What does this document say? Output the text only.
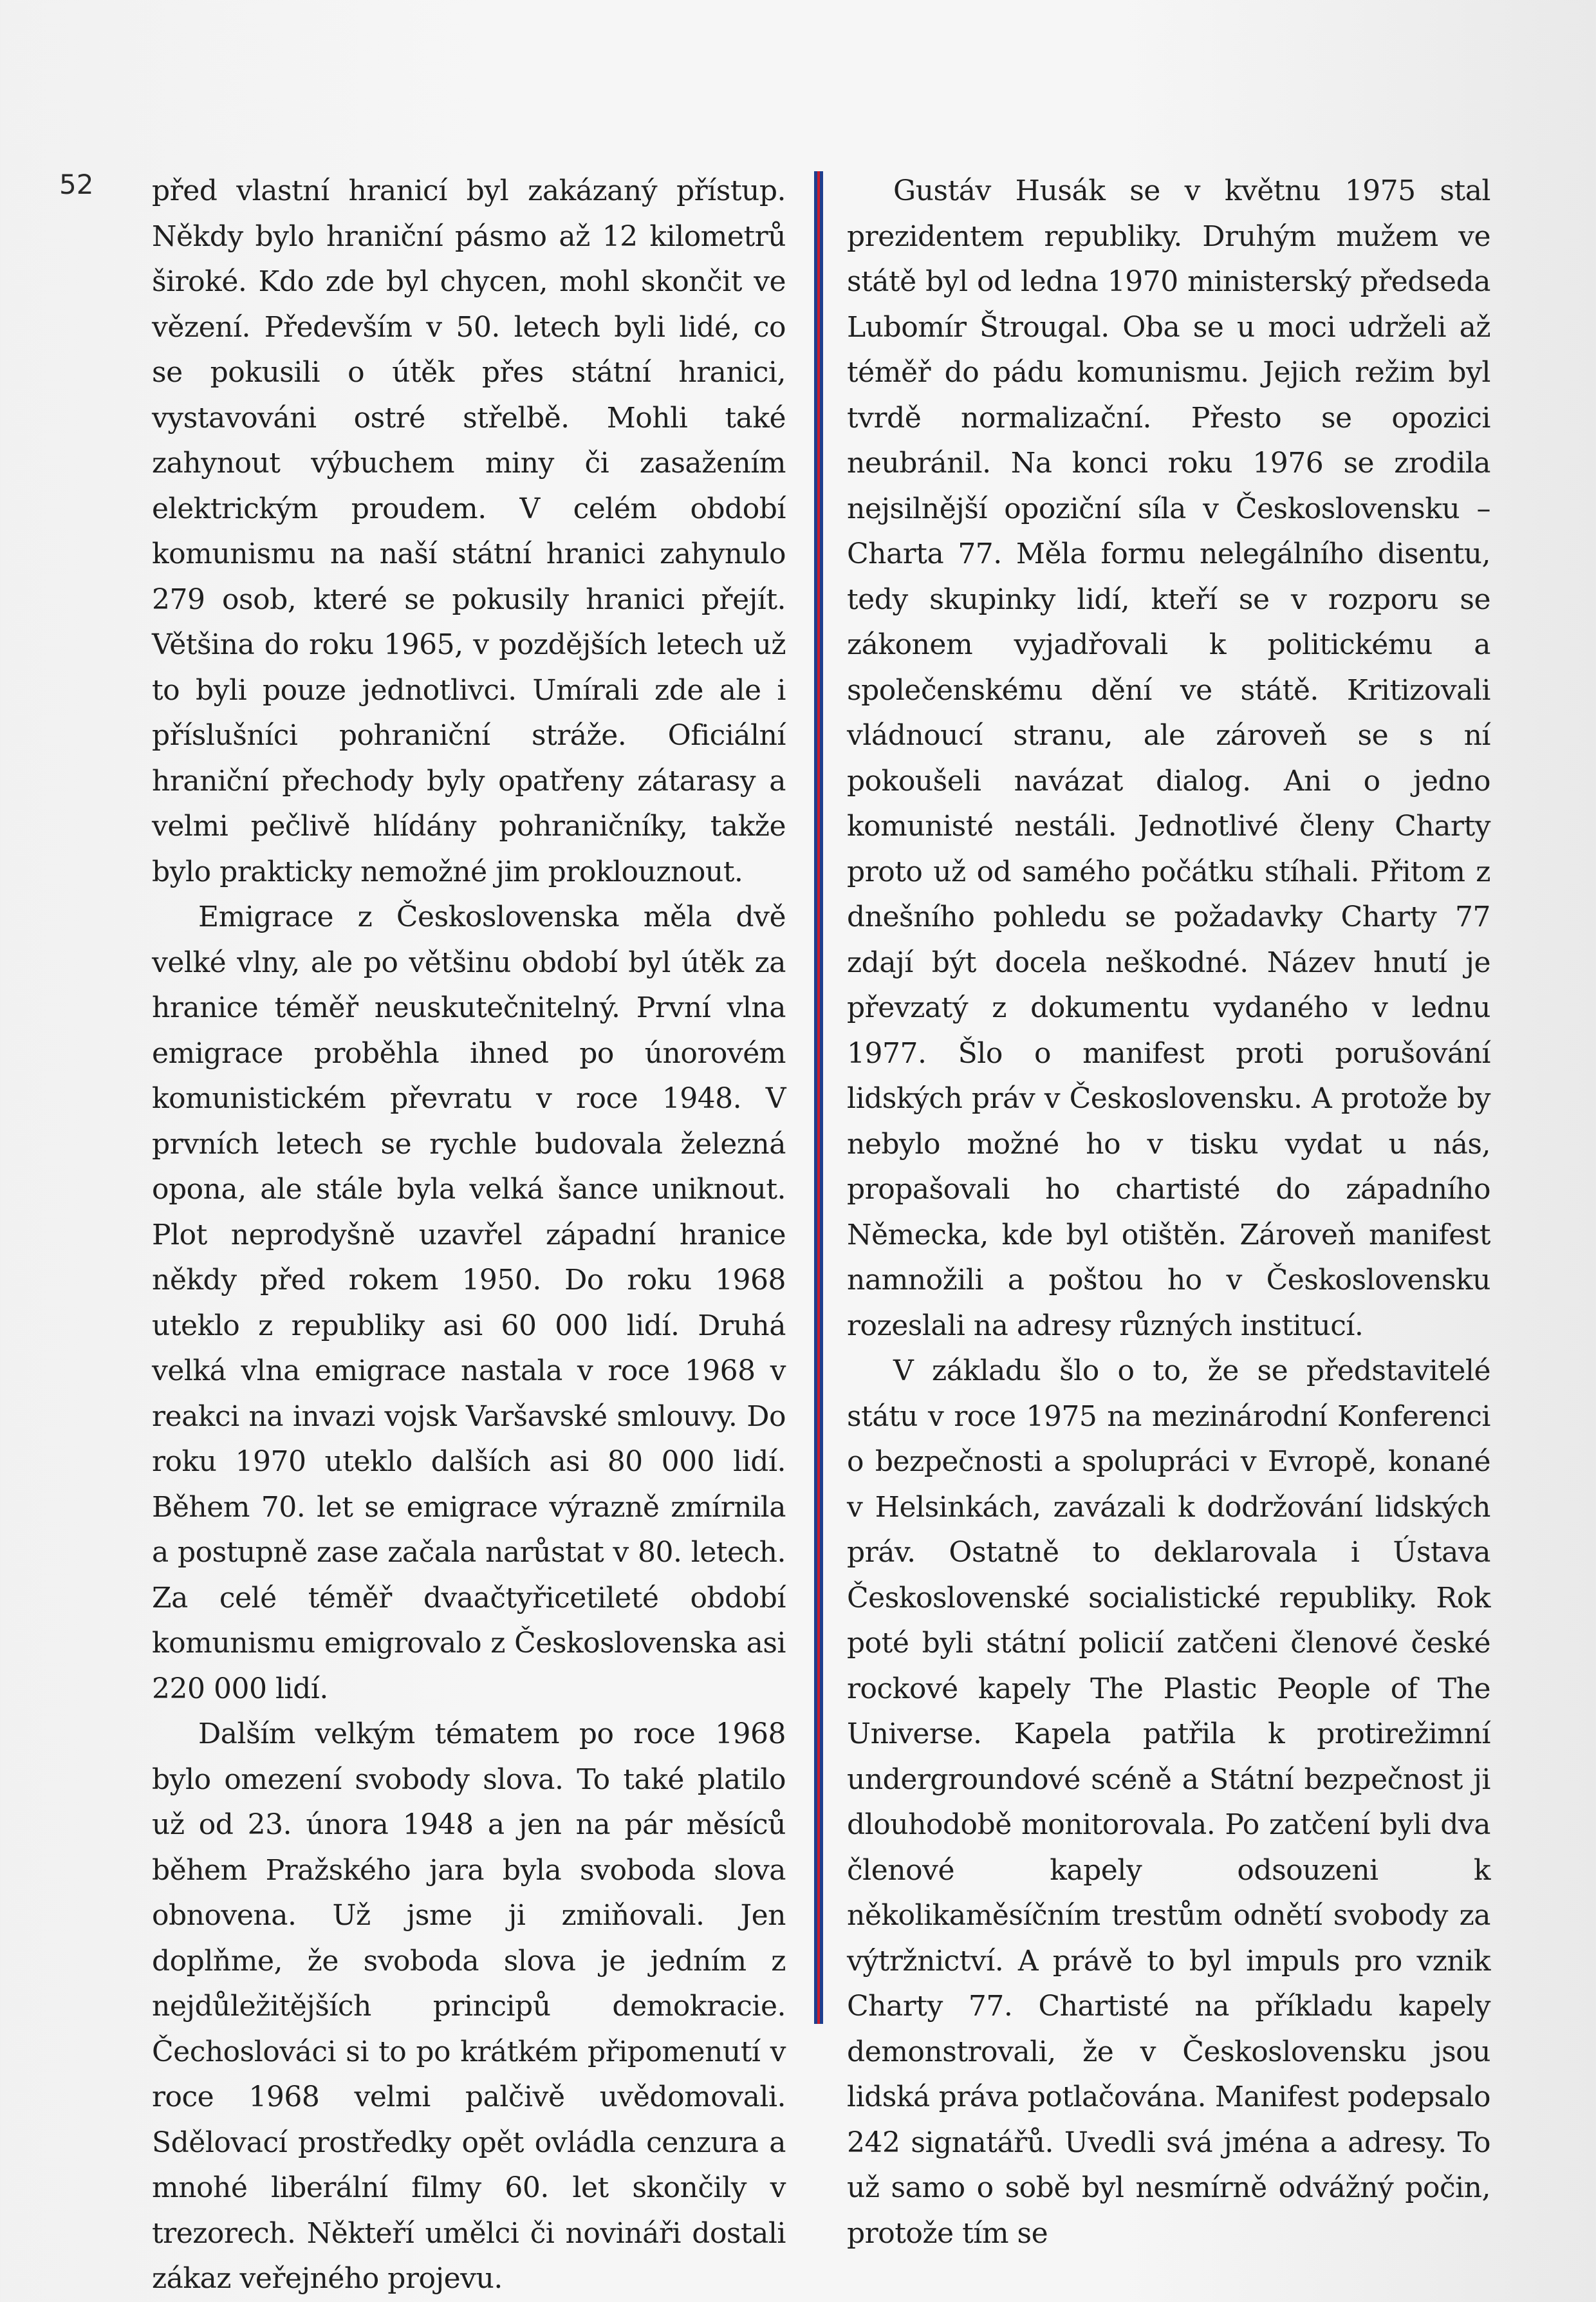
52 před vlastní hranicí byl zakázaný přístup. Někdy bylo hraniční pásmo až 12 kilometrů široké. Kdo zde byl chycen, mohl skončit ve vězení. Především v 50. letech byli lidé, co se pokusili o útěk přes státní hranici, vystavováni ostré střelbě. Mohli také zahynout výbuchem miny či zasažením elektrickým proudem. V celém období komunismu na naší státní hranici zahynulo 279 osob, které se pokusily hranici přejít. Většina do roku 1965, v pozdějších letech už to byli pouze jednotlivci. Umírali zde ale i příslušníci pohraniční stráže. Oficiální hraniční přechody byly opatřeny zátarasy a velmi pečlivě hlídány pohraničníky, takže bylo prakticky nemožné jim proklouznout.

Emigrace z Československa měla dvě velké vlny, ale po většinu období byl útěk za hranice téměř neuskutečnitelný. První vlna emigrace proběhla ihned po únorovém komunistickém převratu v roce 1948. V prvních letech se rychle budovala železná opona, ale stále byla velká šance uniknout. Plot neprodyšně uzavřel západní hranice někdy před rokem 1950. Do roku 1968 uteklo z republiky asi 60 000 lidí. Druhá velká vlna emigrace nastala v roce 1968 v reakci na invazi vojsk Varšavské smlouvy. Do roku 1970 uteklo dalších asi 80 000 lidí. Během 70. let se emigrace výrazně zmírnila a postupně zase začala narůstat v 80. letech. Za celé téměř dvaačtyřicetileté období komunismu emigrovalo z Československa asi 220 000 lidí.

Dalším velkým tématem po roce 1968 bylo omezení svobody slova. To také platilo už od 23. února 1948 a jen na pár měsíců během Pražského jara byla svoboda slova obnovena. Už jsme ji zmiňovali. Jen doplňme, že svoboda slova je jedním z nejdůležitějších principů demokracie. Čechoslováci si to po krátkém připomenutí v roce 1968 velmi palčivě uvědomovali. Sdělovací prostředky opět ovládla cenzura a mnohé liberální filmy 60. let skončily v trezorech. Někteří umělci či novináři dostali zákaz veřejného projevu.

Gustáv Husák se v květnu 1975 stal prezidentem republiky. Druhým mužem ve státě byl od ledna 1970 ministerský předseda Lubomír Štrougal. Oba se u moci udrželi až téměř do pádu komunismu. Jejich režim byl tvrdě normalizační. Přesto se opozici neubránil. Na konci roku 1976 se zrodila nejsilnější opoziční síla v Československu – Charta 77. Měla formu nelegálního disentu, tedy skupinky lidí, kteří se v rozporu se zákonem vyjadřovali k politickému a společenskému dění ve státě. Kritizovali vládnoucí stranu, ale zároveň se s ní pokoušeli navázat dialog. Ani o jedno komunisté nestáli. Jednotlivé členy Charty proto už od samého počátku stíhali. Přitom z dnešního pohledu se požadavky Charty 77 zdají být docela neškodné. Název hnutí je převzatý z dokumentu vydaného v lednu 1977. Šlo o manifest proti porušování lidských práv v Československu. A protože by nebylo možné ho v tisku vydat u nás, propašovali ho chartisté do západního Německa, kde byl otištěn. Zároveň manifest namnožili a poštou ho v Československu rozeslali na adresy různých institucí.

V základu šlo o to, že se představitelé státu v roce 1975 na mezinárodní Konferenci o bezpečnosti a spolupráci v Evropě, konané v Helsinkách, zavázali k dodržování lidských práv. Ostatně to deklarovala i Ústava Československé socialistické republiky. Rok poté byli státní policií zatčeni členové české rockové kapely The Plastic People of The Universe. Kapela patřila k protirežimní undergroundové scéně a Státní bezpečnost ji dlouhodobě monitorovala. Po zatčení byli dva členové kapely odsouzeni k několikaměsíčním trestům odnětí svobody za výtržnictví. A právě to byl impuls pro vznik Charty 77. Chartisté na příkladu kapely demonstrovali, že v Československu jsou lidská práva potlačována. Manifest podepsalo 242 signatářů. Uvedli svá jména a adresy. To už samo o sobě byl nesmírně odvážný počin, protože tím se
